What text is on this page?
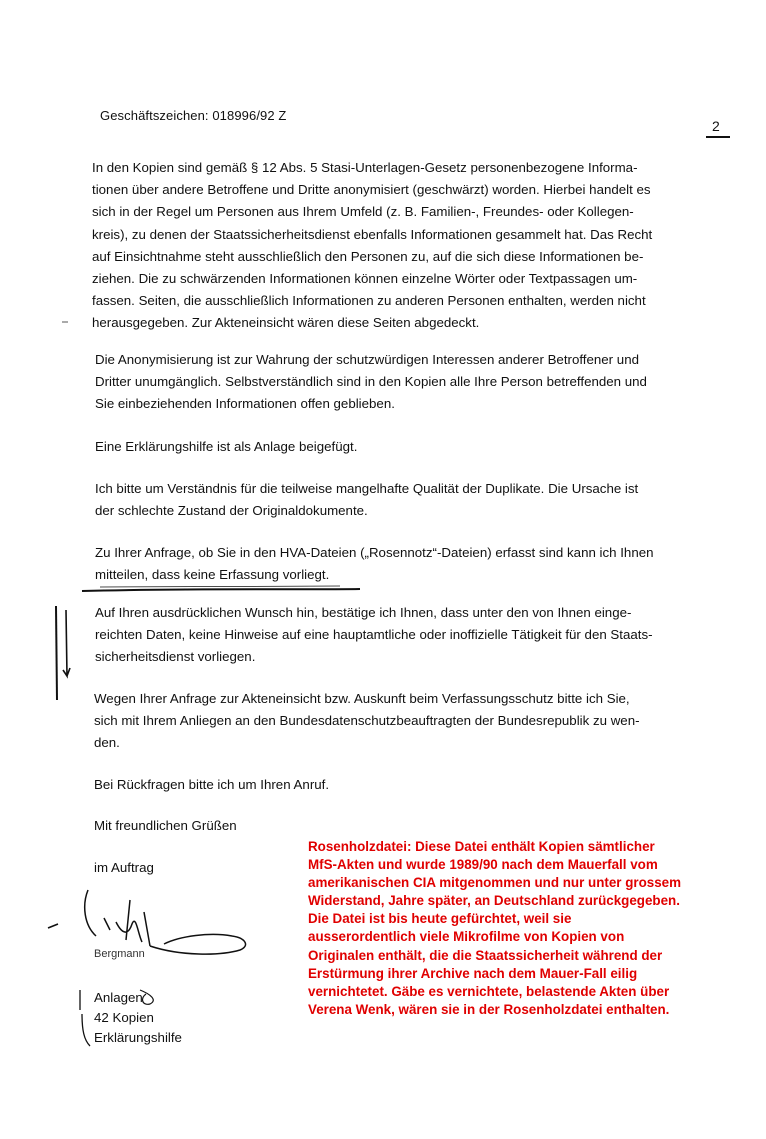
Geschäftszeichen: 018996/92 Z
2
In den Kopien sind gemäß § 12 Abs. 5 Stasi-Unterlagen-Gesetz personenbezogene Informa-
tionen über andere Betroffene und Dritte anonymisiert (geschwärzt) worden. Hierbei handelt es
sich in der Regel um Personen aus Ihrem Umfeld (z. B. Familien-, Freundes- oder Kollegen-
kreis), zu denen der Staatssicherheitsdienst ebenfalls Informationen gesammelt hat. Das Recht
auf Einsichtnahme steht ausschließlich den Personen zu, auf die sich diese Informationen be-
ziehen. Die zu schwärzenden Informationen können einzelne Wörter oder Textpassagen um-
fassen. Seiten, die ausschließlich Informationen zu anderen Personen enthalten, werden nicht
herausgegeben. Zur Akteneinsicht wären diese Seiten abgedeckt.
Die Anonymisierung ist zur Wahrung der schutzwürdigen Interessen anderer Betroffener und
Dritter unumgänglich. Selbstverständlich sind in den Kopien alle Ihre Person betreffenden und
Sie einbeziehenden Informationen offen geblieben.
Eine Erklärungshilfe ist als Anlage beigefügt.
Ich bitte um Verständnis für die teilweise mangelhafte Qualität der Duplikate. Die Ursache ist
der schlechte Zustand der Originaldokumente.
Zu Ihrer Anfrage, ob Sie in den HVA-Dateien („Rosennotz“-Dateien) erfasst sind kann ich Ihnen
mitteilen, dass keine Erfassung vorliegt.
Auf Ihren ausdrücklichen Wunsch hin, bestätige ich Ihnen, dass unter den von Ihnen einge-
reichten Daten, keine Hinweise auf eine hauptamtliche oder inoffizielle Tätigkeit für den Staats-
sicherheitsdienst vorliegen.
Wegen Ihrer Anfrage zur Akteneinsicht bzw. Auskunft beim Verfassungsschutz bitte ich Sie,
sich mit Ihrem Anliegen an den Bundesdatenschutzbeauftragten der Bundesrepublik zu wen-
den.
Bei Rückfragen bitte ich um Ihren Anruf.
Mit freundlichen Grüßen
im Auftrag
Bergmann
Anlagen
42 Kopien
Erklärungshilfe
Rosenholzdatei: Diese Datei enthält Kopien sämtlicher
MfS-Akten und wurde 1989/90 nach dem Mauerfall vom
amerikanischen CIA mitgenommen und nur unter grossem
Widerstand, Jahre später, an Deutschland zurückgegeben.
Die Datei ist bis heute gefürchtet, weil sie
ausserordentlich viele Mikrofilme von Kopien von
Originalen enthält, die die Staatssicherheit während der
Erstürmung ihrer Archive nach dem Mauer-Fall eilig
vernichtetet. Gäbe es vernichtete, belastende Akten über
Verena Wenk, wären sie in der Rosenholzdatei enthalten.
